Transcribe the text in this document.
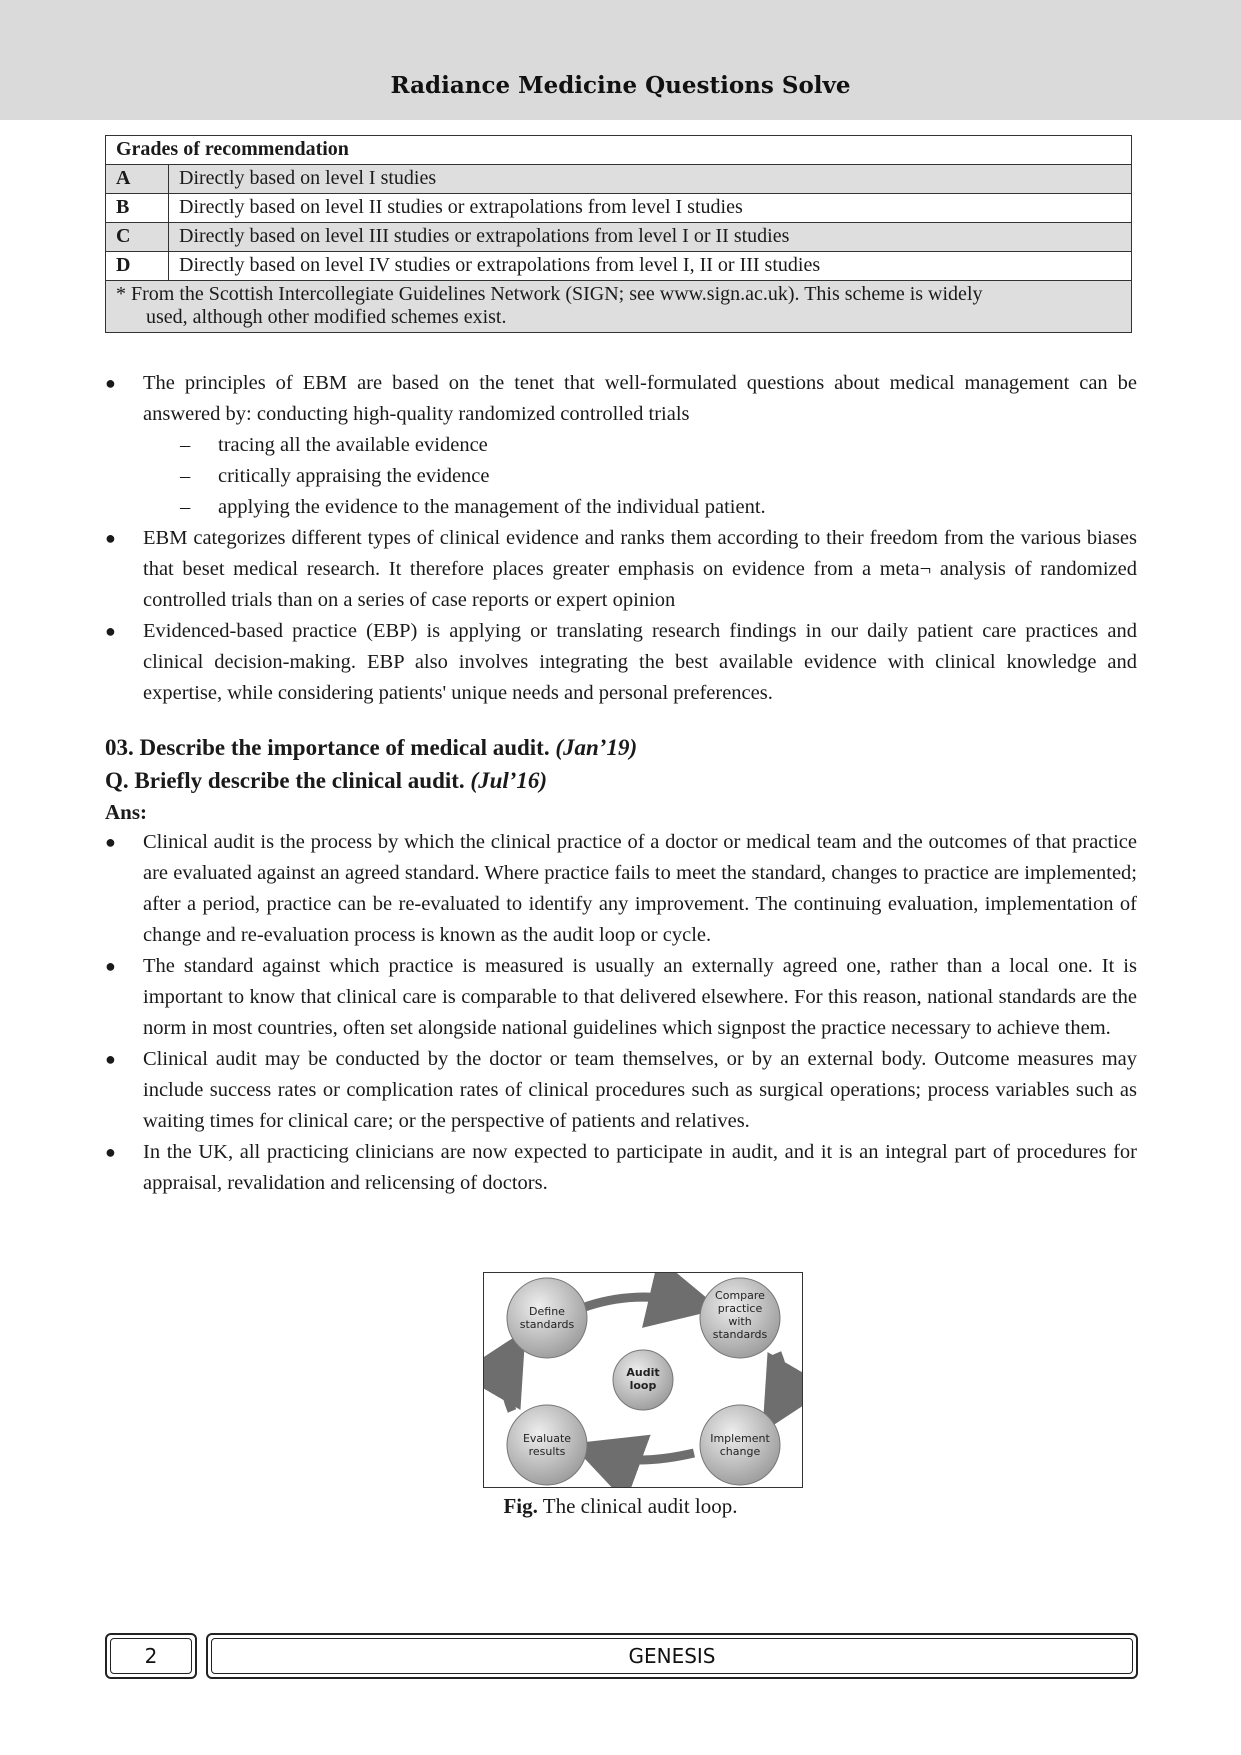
Radiance Medicine Questions Solve
Grades of recommendation	
A	Directly based on level I studies
B	Directly based on level II studies or extrapolations from level I studies
C	Directly based on level III studies or extrapolations from level I or II studies
D	Directly based on level IV studies or extrapolations from level I, II or III studies
* From the Scottish Intercollegiate Guidelines Network (SIGN; see www.sign.ac.uk). This scheme is widely
used, although other modified schemes exist.	

● The principles of EBM are based on the tenet that well-formulated questions about medical management can be answered by: conducting high-quality randomized controlled trials

– tracing all the available evidence

– critically appraising the evidence

– applying the evidence to the management of the individual patient.

● EBM categorizes different types of clinical evidence and ranks them according to their freedom from the various biases that beset medical research. It therefore places greater emphasis on evidence from a meta¬ analysis of randomized controlled trials than on a series of case reports or expert opinion

● Evidenced-based practice (EBP) is applying or translating research findings in our daily patient care practices and clinical decision-making. EBP also involves integrating the best available evidence with clinical knowledge and expertise, while considering patients' unique needs and personal preferences.

03. Describe the importance of medical audit. (Jan’19)

Q. Briefly describe the clinical audit. (Jul’16)

Ans:

● Clinical audit is the process by which the clinical practice of a doctor or medical team and the outcomes of that practice are evaluated against an agreed standard. Where practice fails to meet the standard, changes to practice are implemented; after a period, practice can be re-evaluated to identify any improvement. The continuing evaluation, implementation of change and re-evaluation process is known as the audit loop or cycle.

● The standard against which practice is measured is usually an externally agreed one, rather than a local one. It is important to know that clinical care is comparable to that delivered elsewhere. For this reason, national standards are the norm in most countries, often set alongside national guidelines which signpost the practice necessary to achieve them.

● Clinical audit may be conducted by the doctor or team themselves, or by an external body. Outcome measures may include success rates or complication rates of clinical procedures such as surgical operations; process variables such as waiting times for clinical care; or the perspective of patients and relatives.

● In the UK, all practicing clinicians are now expected to participate in audit, and it is an integral part of procedures for appraisal, revalidation and relicensing of doctors.

Define
standards
Compare
practice
with
standards
Audit
loop
Evaluate
results
Implement
change
Fig. The clinical audit loop.
2	GENESIS
